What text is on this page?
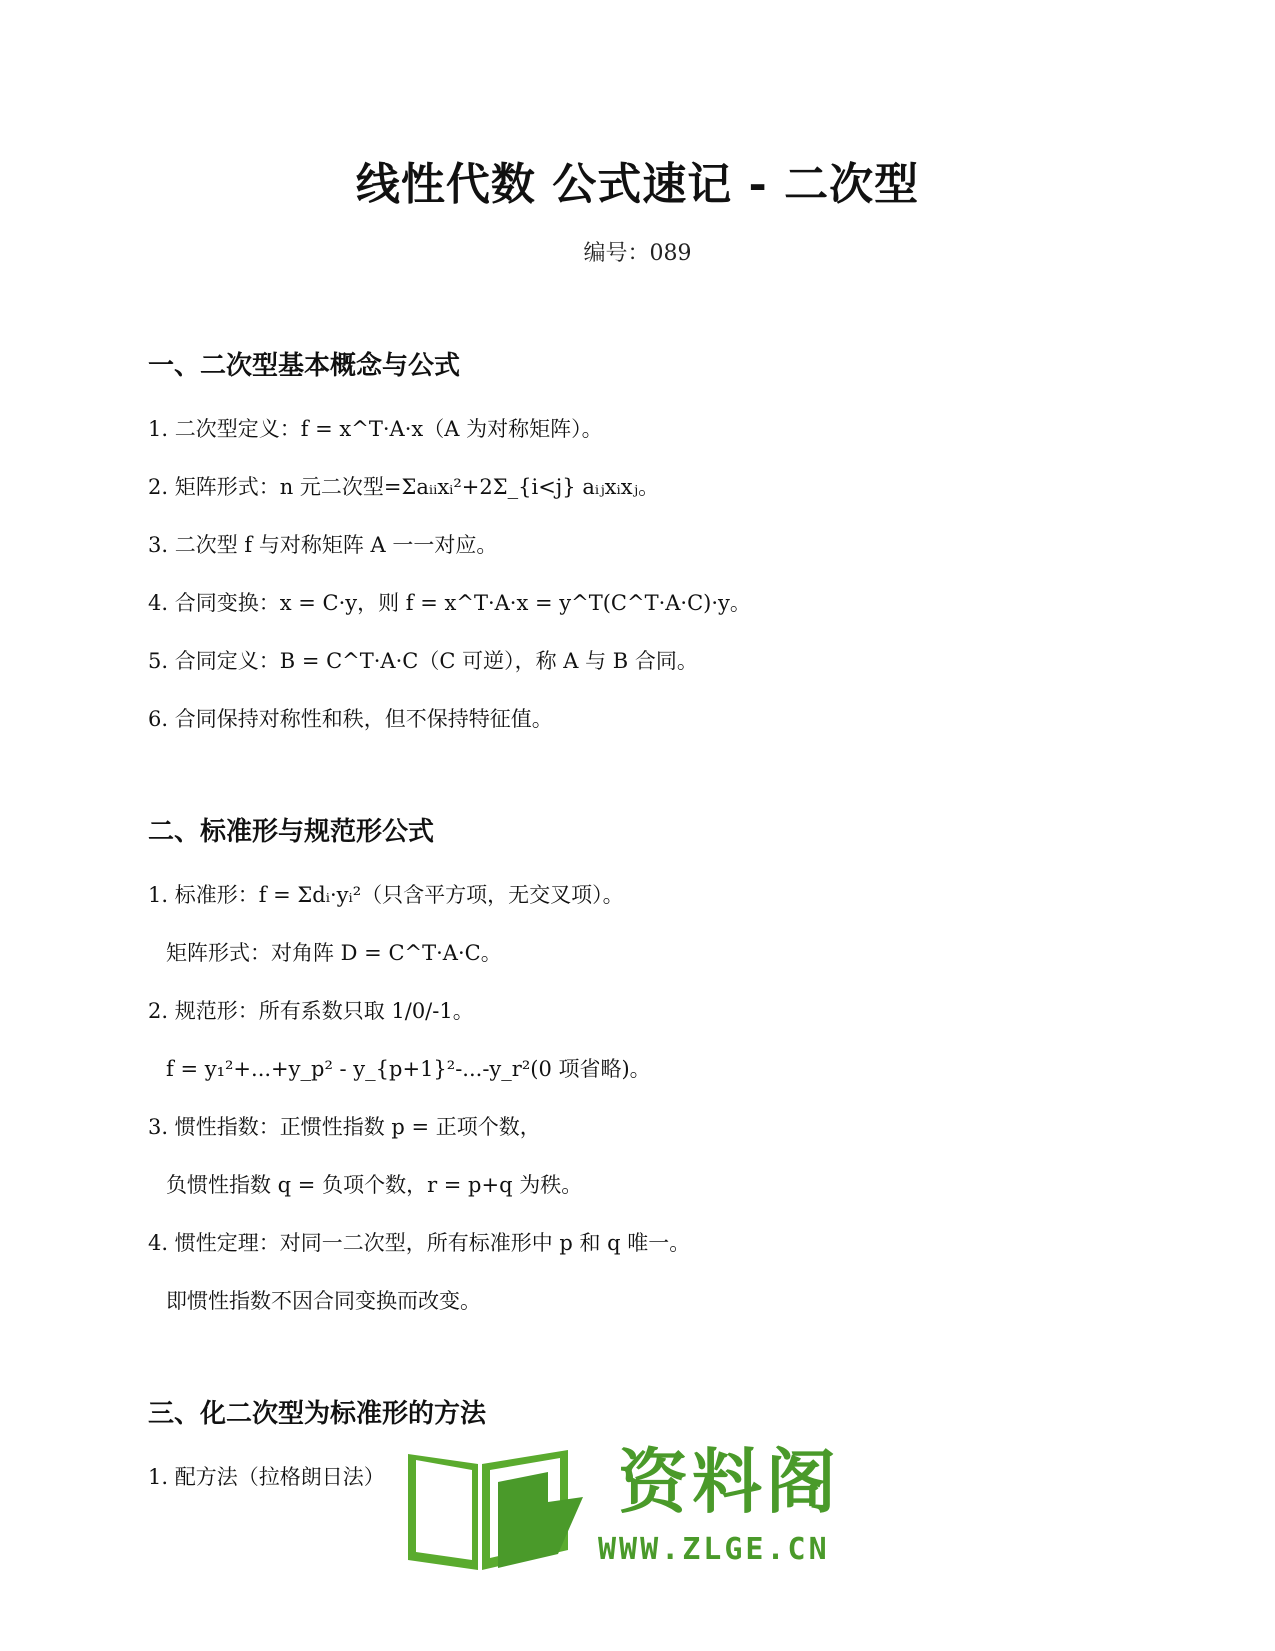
线性代数 公式速记 - 二次型
编号：089
一、二次型基本概念与公式

1. 二次型定义：f = x^T·A·x（A 为对称矩阵）。

2. 矩阵形式：n 元二次型=Σaᵢᵢxᵢ²+2Σ_{i<j} aᵢⱼxᵢxⱼ。

3. 二次型 f 与对称矩阵 A 一一对应。

4. 合同变换：x = C·y，则 f = x^T·A·x = y^T(C^T·A·C)·y。

5. 合同定义：B = C^T·A·C（C 可逆），称 A 与 B 合同。

6. 合同保持对称性和秩，但不保持特征值。

二、标准形与规范形公式

1. 标准形：f = Σdᵢ·yᵢ²（只含平方项，无交叉项）。

矩阵形式：对角阵 D = C^T·A·C。

2. 规范形：所有系数只取 1/0/-1。

f = y₁²+...+y_p² - y_{p+1}²-...-y_r²(0 项省略)。

3. 惯性指数：正惯性指数 p = 正项个数，

负惯性指数 q = 负项个数，r = p+q 为秩。

4. 惯性定理：对同一二次型，所有标准形中 p 和 q 唯一。

即惯性指数不因合同变换而改变。

三、化二次型为标准形的方法

1. 配方法（拉格朗日法）	资料阁
WWW.ZLGE.CN
